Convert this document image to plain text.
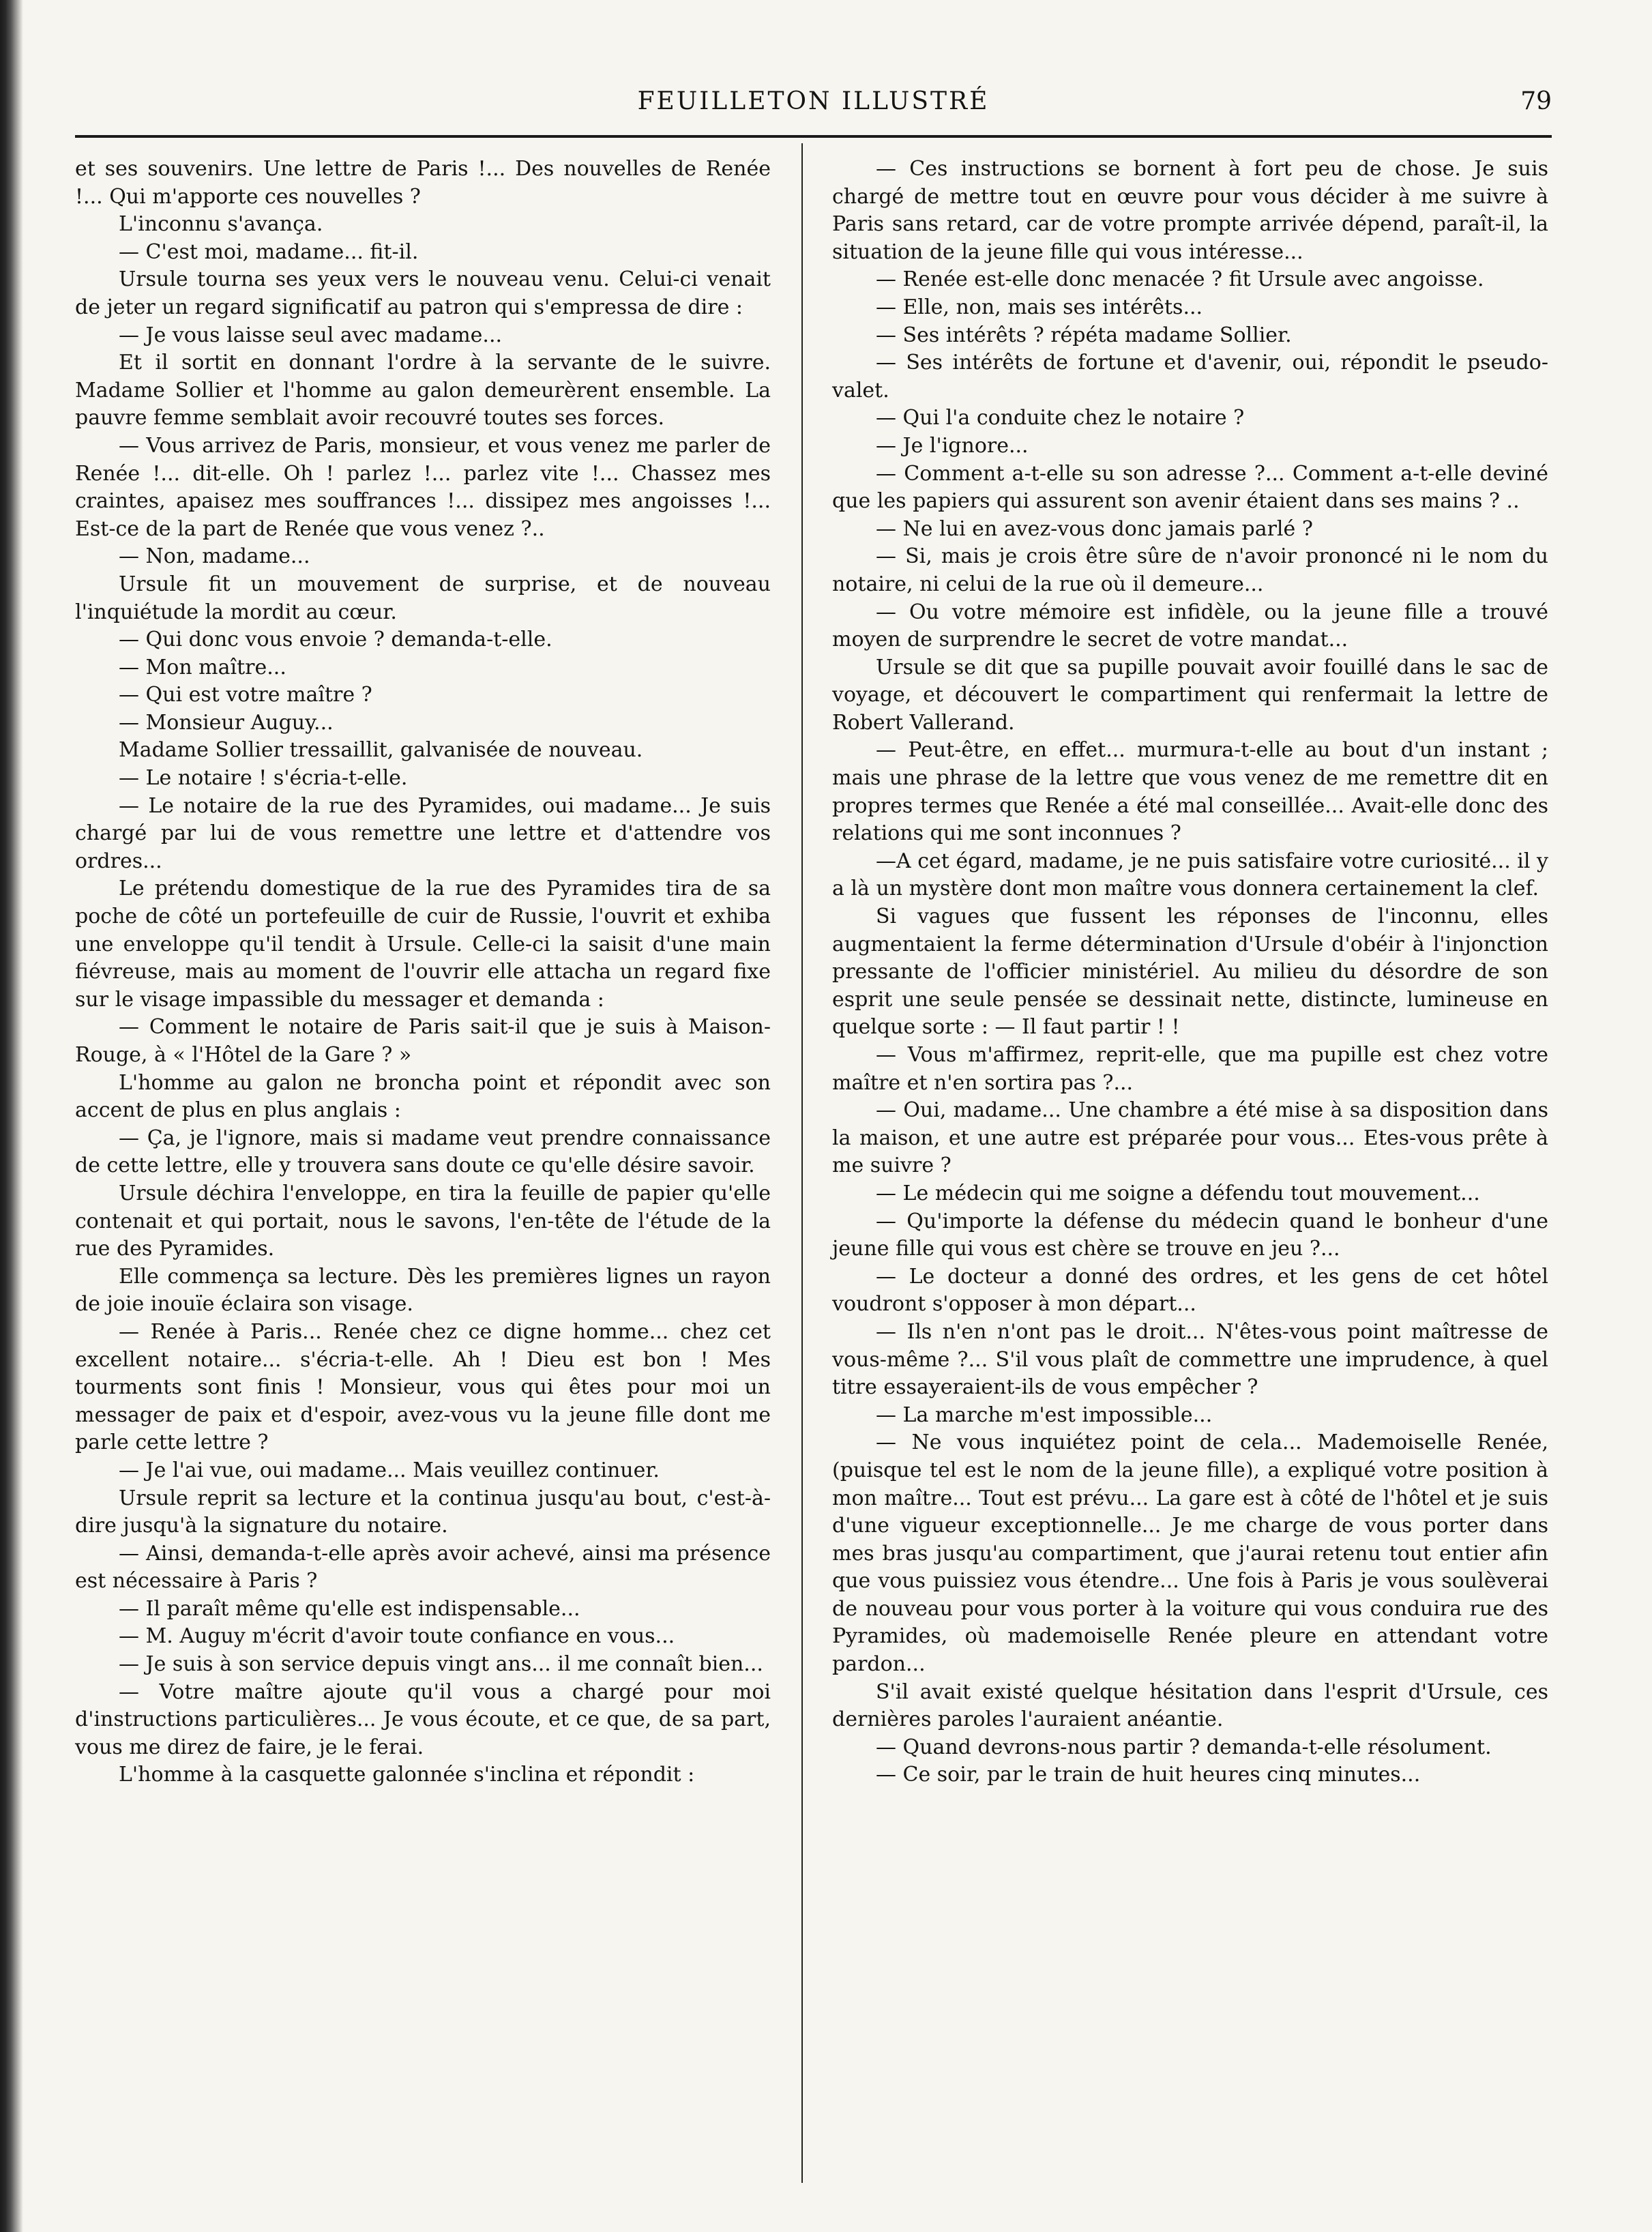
FEUILLETON ILLUSTRÉ	79

et ses souvenirs. Une lettre de Paris !... Des nouvelles de Renée !... Qui m'apporte ces nouvelles ?

L'inconnu s'avança.

— C'est moi, madame... fit-il.

Ursule tourna ses yeux vers le nouveau venu. Celui-ci venait de jeter un regard significatif au patron qui s'empressa de dire :

— Je vous laisse seul avec madame...

Et il sortit en donnant l'ordre à la servante de le suivre. Madame Sollier et l'homme au galon demeurèrent ensemble. La pauvre femme semblait avoir recouvré toutes ses forces.

— Vous arrivez de Paris, monsieur, et vous venez me parler de Renée !... dit-elle. Oh ! parlez !... parlez vite !... Chassez mes craintes, apaisez mes souffrances !... dissipez mes angoisses !... Est-ce de la part de Renée que vous venez ?..

— Non, madame...

Ursule fit un mouvement de surprise, et de nouveau l'inquiétude la mordit au cœur.

— Qui donc vous envoie ? demanda-t-elle.

— Mon maître...

— Qui est votre maître ?

— Monsieur Auguy...

Madame Sollier tressaillit, galvanisée de nouveau.

— Le notaire ! s'écria-t-elle.

— Le notaire de la rue des Pyramides, oui madame... Je suis chargé par lui de vous remettre une lettre et d'attendre vos ordres...

Le prétendu domestique de la rue des Pyramides tira de sa poche de côté un portefeuille de cuir de Russie, l'ouvrit et exhiba une enveloppe qu'il tendit à Ursule. Celle-ci la saisit d'une main fiévreuse, mais au moment de l'ouvrir elle attacha un regard fixe sur le visage impassible du messager et demanda :

— Comment le notaire de Paris sait-il que je suis à Maison-Rouge, à « l'Hôtel de la Gare ? »

L'homme au galon ne broncha point et répondit avec son accent de plus en plus anglais :

— Ça, je l'ignore, mais si madame veut prendre connaissance de cette lettre, elle y trouvera sans doute ce qu'elle désire savoir.

Ursule déchira l'enveloppe, en tira la feuille de papier qu'elle contenait et qui portait, nous le savons, l'en-tête de l'étude de la rue des Pyramides.

Elle commença sa lecture. Dès les premières lignes un rayon de joie inouïe éclaira son visage.

— Renée à Paris... Renée chez ce digne homme... chez cet excellent notaire... s'écria-t-elle. Ah ! Dieu est bon ! Mes tourments sont finis ! Monsieur, vous qui êtes pour moi un messager de paix et d'espoir, avez-vous vu la jeune fille dont me parle cette lettre ?

— Je l'ai vue, oui madame... Mais veuillez continuer.

Ursule reprit sa lecture et la continua jusqu'au bout, c'est-à-dire jusqu'à la signature du notaire.

— Ainsi, demanda-t-elle après avoir achevé, ainsi ma présence est nécessaire à Paris ?

— Il paraît même qu'elle est indispensable...

— M. Auguy m'écrit d'avoir toute confiance en vous...

— Je suis à son service depuis vingt ans... il me connaît bien...

— Votre maître ajoute qu'il vous a chargé pour moi d'instructions particulières... Je vous écoute, et ce que, de sa part, vous me direz de faire, je le ferai.

L'homme à la casquette galonnée s'inclina et répondit :

— Ces instructions se bornent à fort peu de chose. Je suis chargé de mettre tout en œuvre pour vous décider à me suivre à Paris sans retard, car de votre prompte arrivée dépend, paraît-il, la situation de la jeune fille qui vous intéresse...

— Renée est-elle donc menacée ? fit Ursule avec angoisse.

— Elle, non, mais ses intérêts...

— Ses intérêts ? répéta madame Sollier.

— Ses intérêts de fortune et d'avenir, oui, répondit le pseudo-valet.

— Qui l'a conduite chez le notaire ?

— Je l'ignore...

— Comment a-t-elle su son adresse ?... Comment a-t-elle deviné que les papiers qui assurent son avenir étaient dans ses mains ? ..

— Ne lui en avez-vous donc jamais parlé ?

— Si, mais je crois être sûre de n'avoir prononcé ni le nom du notaire, ni celui de la rue où il demeure...

— Ou votre mémoire est infidèle, ou la jeune fille a trouvé moyen de surprendre le secret de votre mandat...

Ursule se dit que sa pupille pouvait avoir fouillé dans le sac de voyage, et découvert le compartiment qui renfermait la lettre de Robert Vallerand.

— Peut-être, en effet... murmura-t-elle au bout d'un instant ; mais une phrase de la lettre que vous venez de me remettre dit en propres termes que Renée a été mal conseillée... Avait-elle donc des relations qui me sont inconnues ?

—A cet égard, madame, je ne puis satisfaire votre curiosité... il y a là un mystère dont mon maître vous donnera certainement la clef.

Si vagues que fussent les réponses de l'inconnu, elles augmentaient la ferme détermination d'Ursule d'obéir à l'injonction pressante de l'officier ministériel. Au milieu du désordre de son esprit une seule pensée se dessinait nette, distincte, lumineuse en quelque sorte : — Il faut partir ! !

— Vous m'affirmez, reprit-elle, que ma pupille est chez votre maître et n'en sortira pas ?...

— Oui, madame... Une chambre a été mise à sa disposition dans la maison, et une autre est préparée pour vous... Etes-vous prête à me suivre ?

— Le médecin qui me soigne a défendu tout mouvement...

— Qu'importe la défense du médecin quand le bonheur d'une jeune fille qui vous est chère se trouve en jeu ?...

— Le docteur a donné des ordres, et les gens de cet hôtel voudront s'opposer à mon départ...

— Ils n'en n'ont pas le droit... N'êtes-vous point maîtresse de vous-même ?... S'il vous plaît de commettre une imprudence, à quel titre essayeraient-ils de vous empêcher ?

— La marche m'est impossible...

— Ne vous inquiétez point de cela... Mademoiselle Renée, (puisque tel est le nom de la jeune fille), a expliqué votre position à mon maître... Tout est prévu... La gare est à côté de l'hôtel et je suis d'une vigueur exceptionnelle... Je me charge de vous porter dans mes bras jusqu'au compartiment, que j'aurai retenu tout entier afin que vous puissiez vous étendre... Une fois à Paris je vous soulèverai de nouveau pour vous porter à la voiture qui vous conduira rue des Pyramides, où mademoiselle Renée pleure en attendant votre pardon...

S'il avait existé quelque hésitation dans l'esprit d'Ursule, ces dernières paroles l'auraient anéantie.

— Quand devrons-nous partir ? demanda-t-elle résolument.

— Ce soir, par le train de huit heures cinq minutes...
